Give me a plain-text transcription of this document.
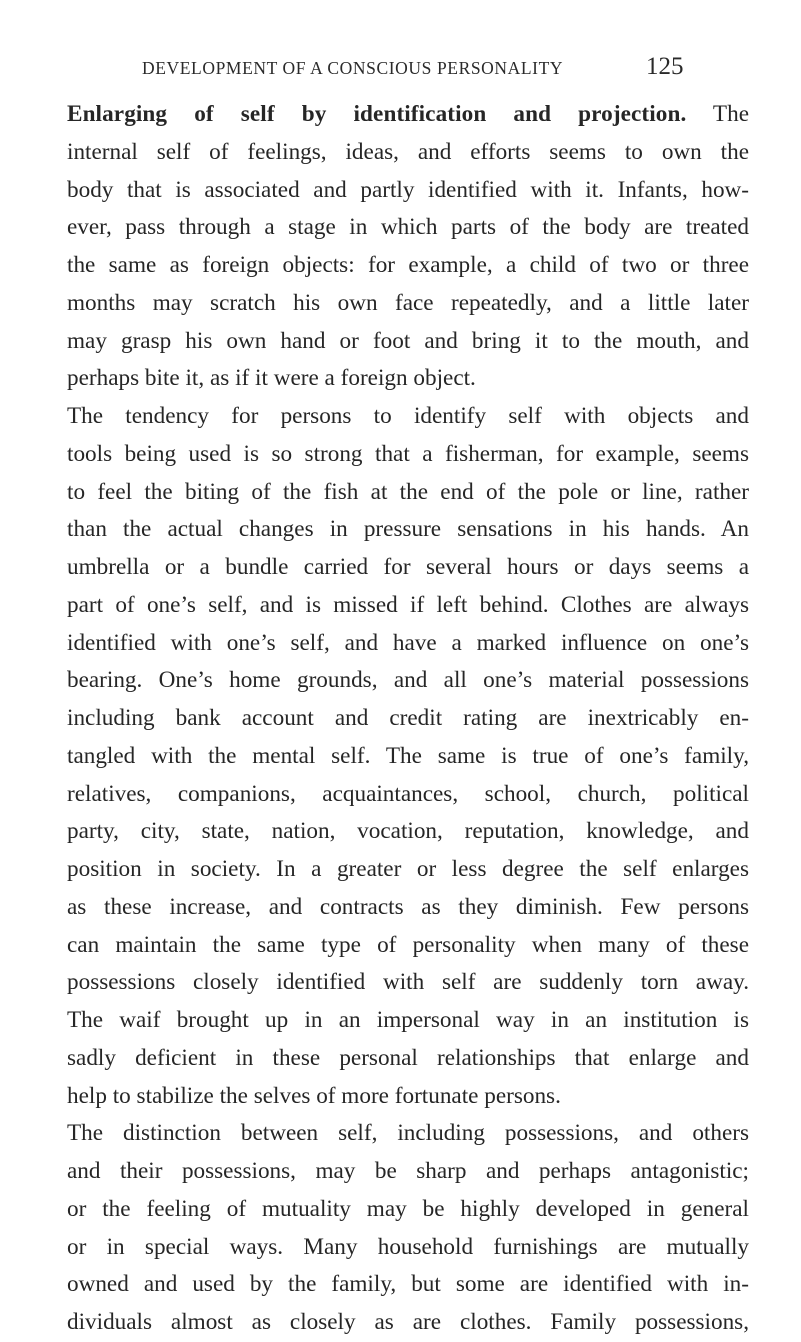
DEVELOPMENT OF A CONSCIOUS PERSONALITY	125
Enlarging of self by identification and projection. The
internal self of feelings, ideas, and efforts seems to own the
body that is associated and partly identified with it. Infants, how-
ever, pass through a stage in which parts of the body are treated
the same as foreign objects: for example, a child of two or three
months may scratch his own face repeatedly, and a little later
may grasp his own hand or foot and bring it to the mouth, and
perhaps bite it, as if it were a foreign object.
The tendency for persons to identify self with objects and
tools being used is so strong that a fisherman, for example, seems
to feel the biting of the fish at the end of the pole or line, rather
than the actual changes in pressure sensations in his hands. An
umbrella or a bundle carried for several hours or days seems a
part of one’s self, and is missed if left behind. Clothes are always
identified with one’s self, and have a marked influence on one’s
bearing. One’s home grounds, and all one’s material possessions
including bank account and credit rating are inextricably en-
tangled with the mental self. The same is true of one’s family,
relatives, companions, acquaintances, school, church, political
party, city, state, nation, vocation, reputation, knowledge, and
position in society. In a greater or less degree the self enlarges
as these increase, and contracts as they diminish. Few persons
can maintain the same type of personality when many of these
possessions closely identified with self are suddenly torn away.
The waif brought up in an impersonal way in an institution is
sadly deficient in these personal relationships that enlarge and
help to stabilize the selves of more fortunate persons.
The distinction between self, including possessions, and others
and their possessions, may be sharp and perhaps antagonistic;
or the feeling of mutuality may be highly developed in general
or in special ways. Many household furnishings are mutually
owned and used by the family, but some are identified with in-
dividuals almost as closely as are clothes. Family possessions,
